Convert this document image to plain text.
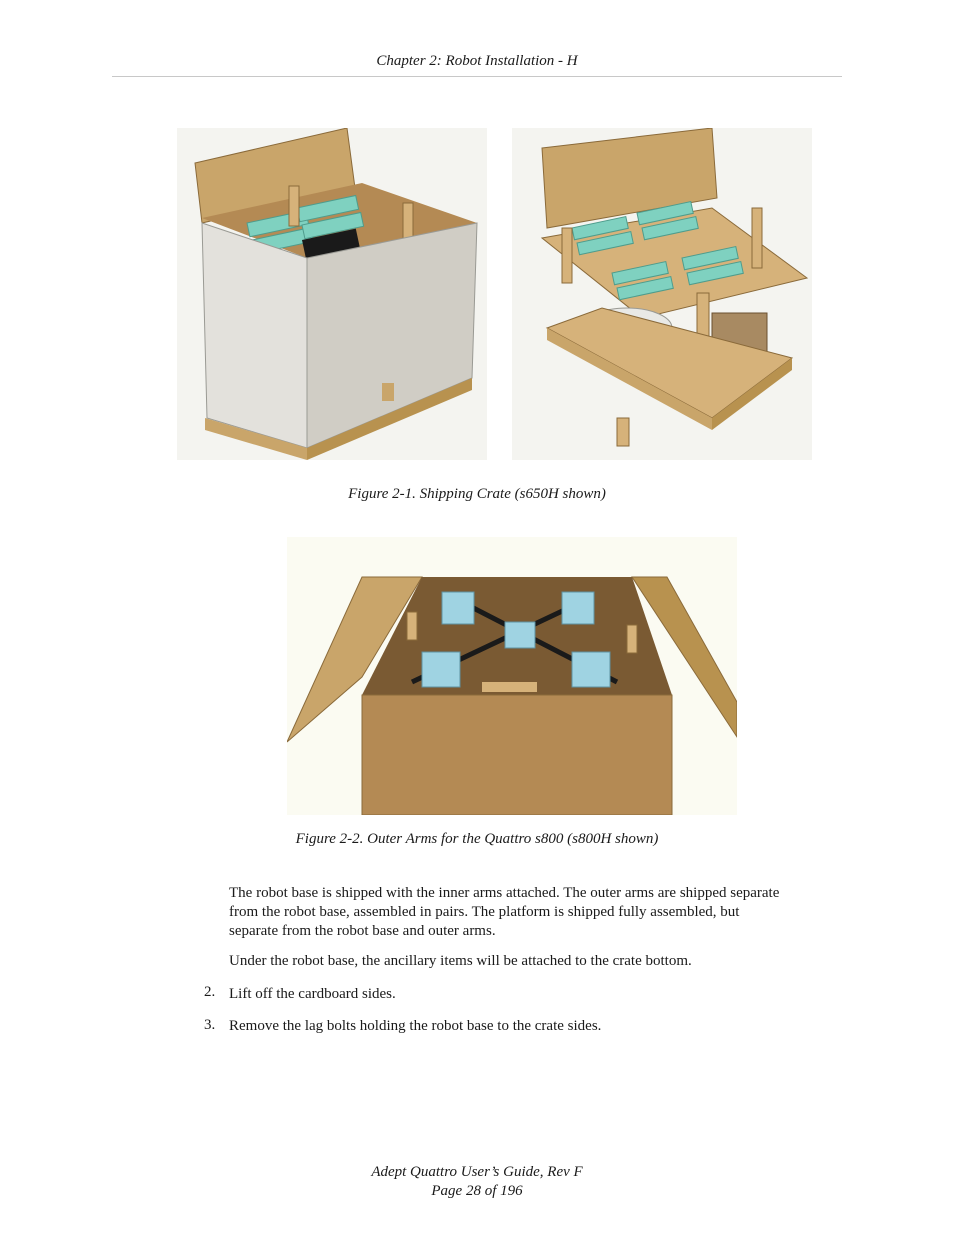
Chapter 2: Robot Installation - H
Figure 2-1. Shipping Crate (s650H shown)
Figure 2-2. Outer Arms for the Quattro s800 (s800H shown)
The robot base is shipped with the inner arms attached. The outer arms are shipped separate from the robot base, assembled in pairs. The platform is shipped fully assembled, but separate from the robot base and outer arms.
Under the robot base, the ancillary items will be attached to the crate bottom.
2. Lift off the cardboard sides.
3. Remove the lag bolts holding the robot base to the crate sides.
Adept Quattro User’s Guide, Rev F
Page 28 of 196
